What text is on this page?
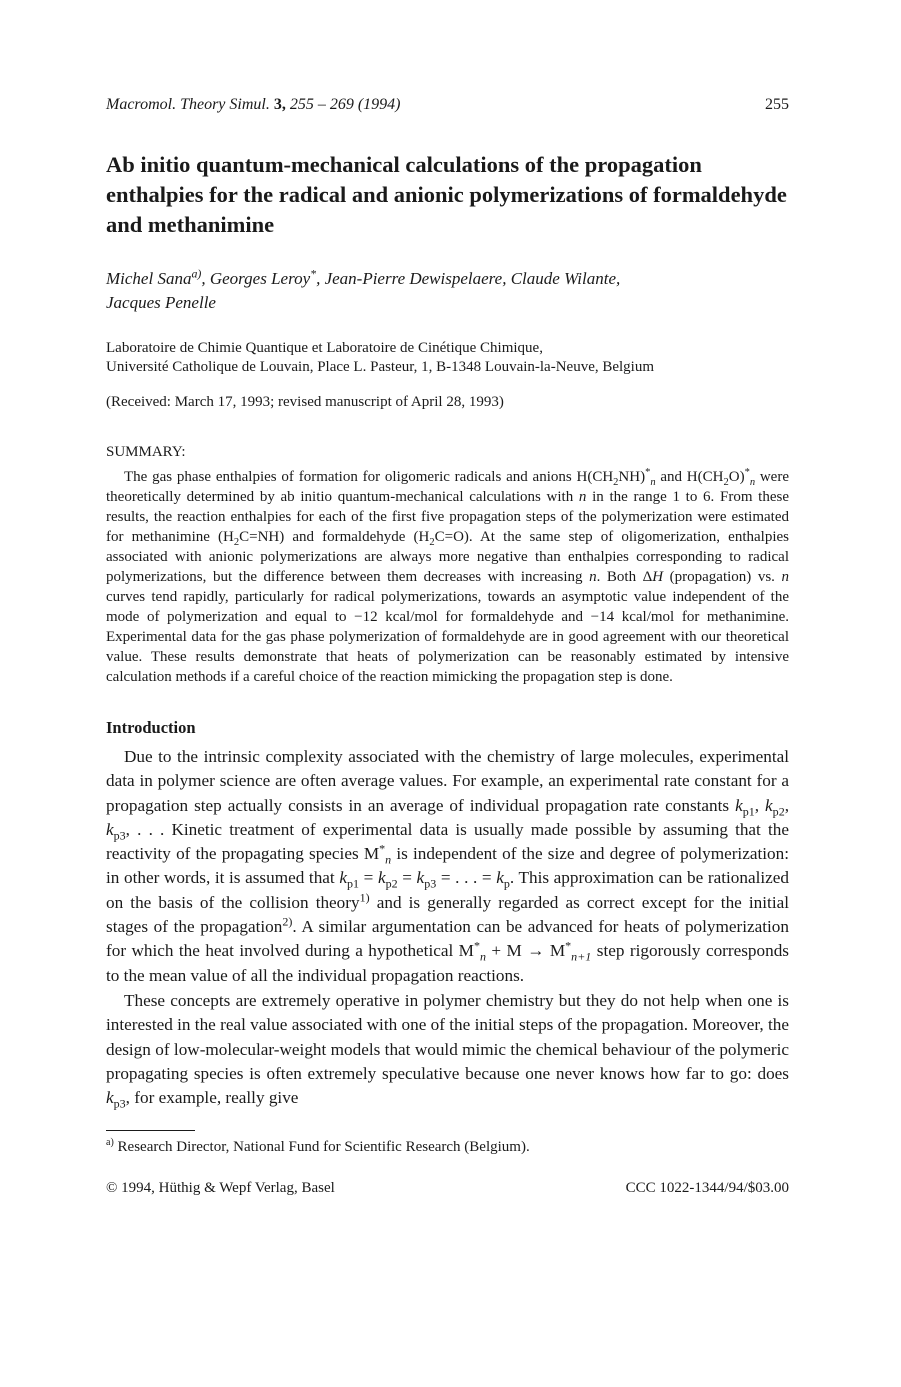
Macromol. Theory Simul. 3, 255 – 269 (1994)	255
Ab initio quantum-mechanical calculations of the propagation enthalpies for the radical and anionic polymerizations of formaldehyde and methanimine
Michel Sana$^{a)}$, Georges Leroy*, Jean-Pierre Dewispelaere, Claude Wilante,
Jacques Penelle
Laboratoire de Chimie Quantique et Laboratoire de Cinétique Chimique,
Université Catholique de Louvain, Place L. Pasteur, 1, B-1348 Louvain-la-Neuve, Belgium
(Received: March 17, 1993; revised manuscript of April 28, 1993)
SUMMARY:
The gas phase enthalpies of formation for oligomeric radicals and anions $H(CH_2NH)^*_n$ and $H(CH_2O)^*_n$ were theoretically determined by ab initio quantum-mechanical calculations with n in the range 1 to 6. From these results, the reaction enthalpies for each of the first five propagation steps of the polymerization were estimated for methanimine $(H_2C=NH)$ and formaldehyde $(H_2C=O)$. At the same step of oligomerization, enthalpies associated with anionic polymerizations are always more negative than enthalpies corresponding to radical polymerizations, but the difference between them decreases with increasing n. Both ΔH (propagation) vs. n curves tend rapidly, particularly for radical polymerizations, towards an asymptotic value independent of the mode of polymerization and equal to −12 kcal/mol for formaldehyde and −14 kcal/mol for methanimine. Experimental data for the gas phase polymerization of formaldehyde are in good agreement with our theoretical value. These results demonstrate that heats of polymerization can be reasonably estimated by intensive calculation methods if a careful choice of the reaction mimicking the propagation step is done.
Introduction
Due to the intrinsic complexity associated with the chemistry of large molecules, experimental data in polymer science are often average values. For example, an experimental rate constant for a propagation step actually consists in an average of individual propagation rate constants $k_{p1}$, $k_{p2}$, $k_{p3}$, . . . Kinetic treatment of experimental data is usually made possible by assuming that the reactivity of the propagating species $M^*_n$ is independent of the size and degree of polymerization: in other words, it is assumed that $k_{p1} = k_{p2} = k_{p3}$ = . . . = $k_p$. This approximation can be rationalized on the basis of the collision theory$^{1)}$ and is generally regarded as correct except for the initial stages of the propagation$^{2)}$. A similar argumentation can be advanced for heats of polymerization for which the heat involved during a hypothetical $M^*_n + M \to M^*_{n+1}$ step rigorously corresponds to the mean value of all the individual propagation reactions.
These concepts are extremely operative in polymer chemistry but they do not help when one is interested in the real value associated with one of the initial steps of the propagation. Moreover, the design of low-molecular-weight models that would mimic the chemical behaviour of the polymeric propagating species is often extremely speculative because one never knows how far to go: does $k_{p3}$, for example, really give
$^{a)}$ Research Director, National Fund for Scientific Research (Belgium).
© 1994, Hüthig & Wepf Verlag, Basel	CCC 1022-1344/94/$03.00
